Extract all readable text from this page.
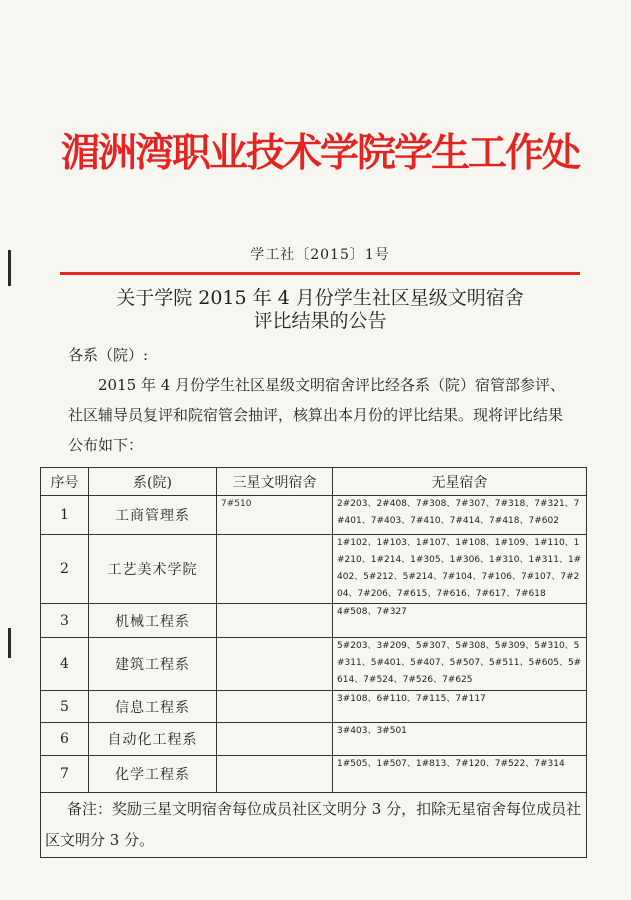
湄洲湾职业技术学院学生工作处
学工社〔2015〕1号
关于学院 2015 年 4 月份学生社区星级文明宿舍
评比结果的公告
各系（院）:
2015 年 4 月份学生社区星级文明宿舍评比经各系（院）宿管部参评、社区辅导员复评和院宿管会抽评，核算出本月份的评比结果。现将评比结果公布如下：
序号	系(院)	三星文明宿舍	无星宿舍
1	工商管理系	7#510	2#203、2#408、7#308、7#307、7#318、7#321、7#401、7#403、7#410、7#414、7#418、7#602
2	工艺美术学院		1#102、1#103、1#107、1#108、1#109、1#110、1#210、1#214、1#305、1#306、1#310、1#311、1#402、5#212、5#214、7#104、7#106、7#107、7#204、7#206、7#615、7#616、7#617、7#618
3	机械工程系		4#508、7#327
4	建筑工程系		5#203、3#209、5#307、5#308、5#309、5#310、5#311、5#401、5#407、5#507、5#511、5#605、5#614、7#524、7#526、7#625
5	信息工程系		3#108、6#110、7#115、7#117
6	自动化工程系		3#403、3#501
7	化学工程系		1#505、1#507、1#813、7#120、7#522、7#314
备注：奖励三星文明宿舍每位成员社区文明分 3 分，扣除无星宿舍每位成员社区文明分 3 分。			
